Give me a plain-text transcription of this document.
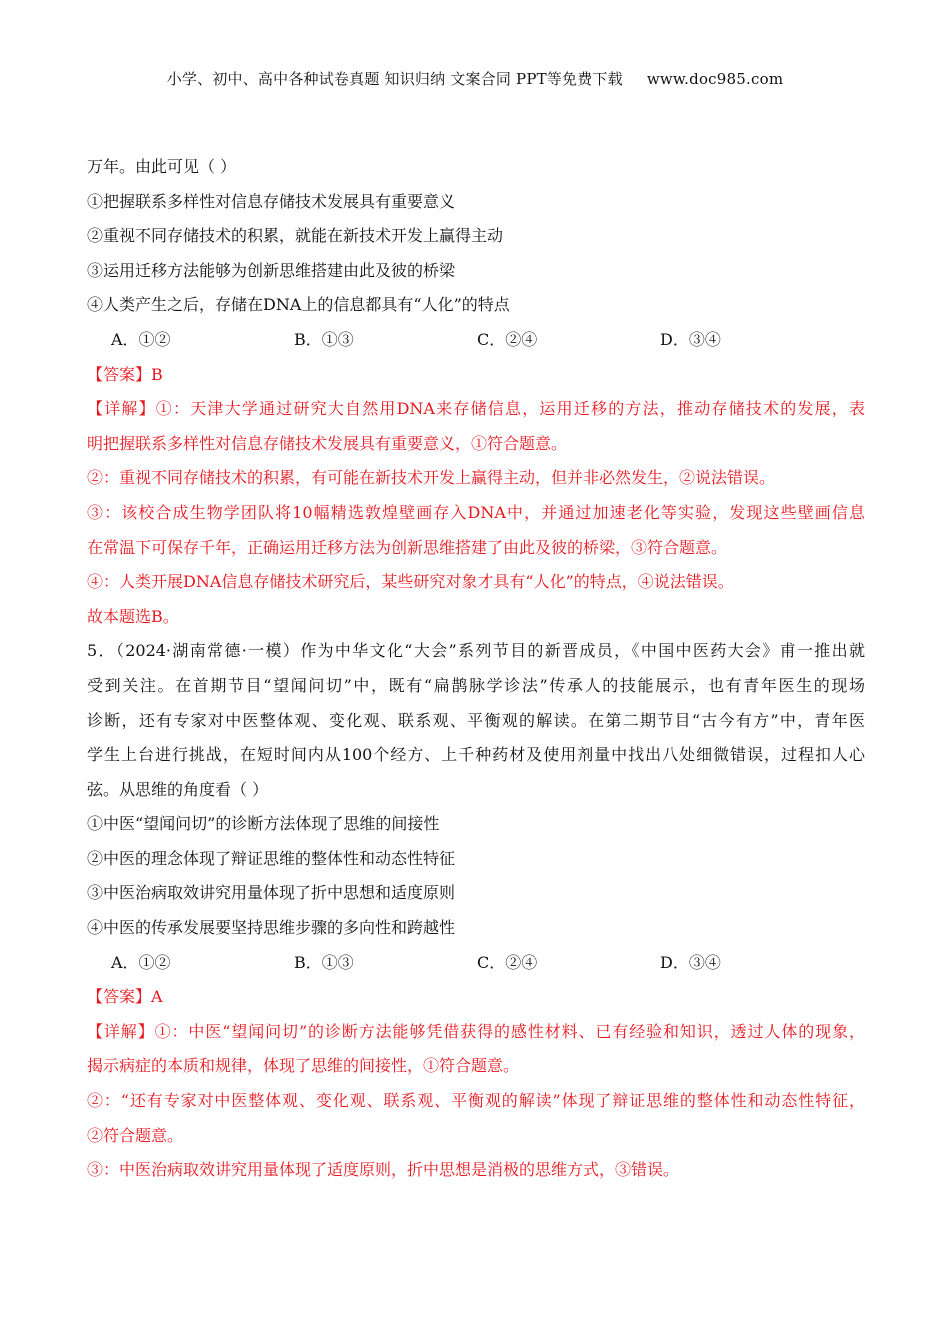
小学、初中、高中各种试卷真题 知识归纳 文案合同 PPT等免费下载 www.doc985.com
万年。由此可见（ ）
①把握联系多样性对信息存储技术发展具有重要意义
②重视不同存储技术的积累，就能在新技术开发上赢得主动
③运用迁移方法能够为创新思维搭建由此及彼的桥梁
④人类产生之后，存储在DNA上的信息都具有“人化”的特点
A．①②	B．①③	C．②④	D．③④
【答案】B
【详解】①：天津大学通过研究大自然用DNA来存储信息，运用迁移的方法，推动存储技术的发展，表
明把握联系多样性对信息存储技术发展具有重要意义，①符合题意。
②：重视不同存储技术的积累，有可能在新技术开发上赢得主动，但并非必然发生，②说法错误。
③：该校合成生物学团队将10幅精选敦煌壁画存入DNA中，并通过加速老化等实验，发现这些壁画信息
在常温下可保存千年，正确运用迁移方法为创新思维搭建了由此及彼的桥梁，③符合题意。
④：人类开展DNA信息存储技术研究后，某些研究对象才具有“人化”的特点，④说法错误。
故本题选B。
5．（2024·湖南常德·一模）作为中华文化“大会”系列节目的新晋成员，《中国中医药大会》甫一推出就
受到关注。在首期节目“望闻问切”中，既有“扁鹊脉学诊法”传承人的技能展示，也有青年医生的现场
诊断，还有专家对中医整体观、变化观、联系观、平衡观的解读。在第二期节目“古今有方”中，青年医
学生上台进行挑战，在短时间内从100个经方、上千种药材及使用剂量中找出八处细微错误，过程扣人心
弦。从思维的角度看（ ）
①中医“望闻问切”的诊断方法体现了思维的间接性
②中医的理念体现了辩证思维的整体性和动态性特征
③中医治病取效讲究用量体现了折中思想和适度原则
④中医的传承发展要坚持思维步骤的多向性和跨越性
A．①②	B．①③	C．②④	D．③④
【答案】A
【详解】①：中医“望闻问切”的诊断方法能够凭借获得的感性材料、已有经验和知识，透过人体的现象，
揭示病症的本质和规律，体现了思维的间接性，①符合题意。
②：“还有专家对中医整体观、变化观、联系观、平衡观的解读”体现了辩证思维的整体性和动态性特征，
②符合题意。
③：中医治病取效讲究用量体现了适度原则，折中思想是消极的思维方式，③错误。
